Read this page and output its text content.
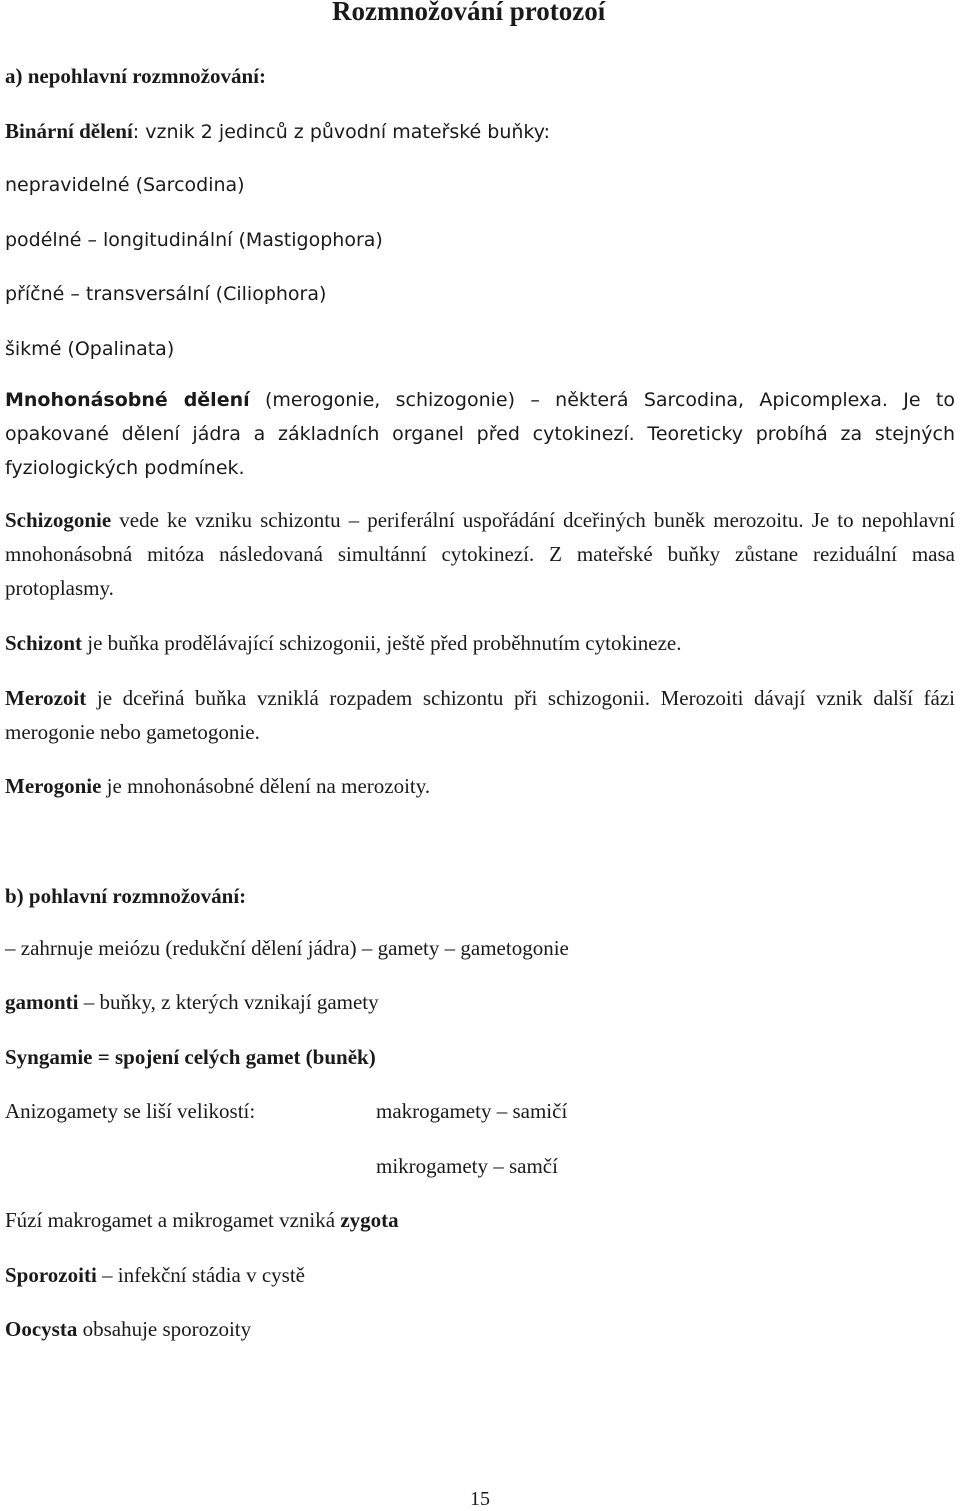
Rozmnožování protozoí
a) nepohlavní rozmnožování:
Binární dělení: vznik 2 jedinců z původní mateřské buňky:
nepravidelné (Sarcodina)
podélné – longitudinální (Mastigophora)
příčné – transversální (Ciliophora)
šikmé (Opalinata)
Mnohonásobné dělení (merogonie, schizogonie) – některá Sarcodina, Apicomplexa. Je to opakované dělení jádra a základních organel před cytokinezí. Teoreticky probíhá za stejných fyziologických podmínek.
Schizogonie vede ke vzniku schizontu – periferální uspořádání dceřiných buněk merozoitu. Je to nepohlavní mnohonásobná mitóza následovaná simultánní cytokinezí. Z mateřské buňky zůstane reziduální masa protoplasmy.
Schizont je buňka prodělávající schizogonii, ještě před proběhnutím cytokineze.
Merozoit je dceřiná buňka vzniklá rozpadem schizontu při schizogonii. Merozoiti dávají vznik další fázi merogonie nebo gametogonie.
Merogonie je mnohonásobné dělení na merozoity.
b) pohlavní rozmnožování:
– zahrnuje meiózu (redukční dělení jádra) – gamety – gametogonie
gamonti – buňky, z kterých vznikají gamety
Syngamie = spojení celých gamet (buněk)
Anizogamety se liší velikostí:	makrogamety – samičí
mikrogamety – samčí
Fúzí makrogamet a mikrogamet vzniká zygota
Sporozoiti – infekční stádia v cystě
Oocysta obsahuje sporozoity
15
